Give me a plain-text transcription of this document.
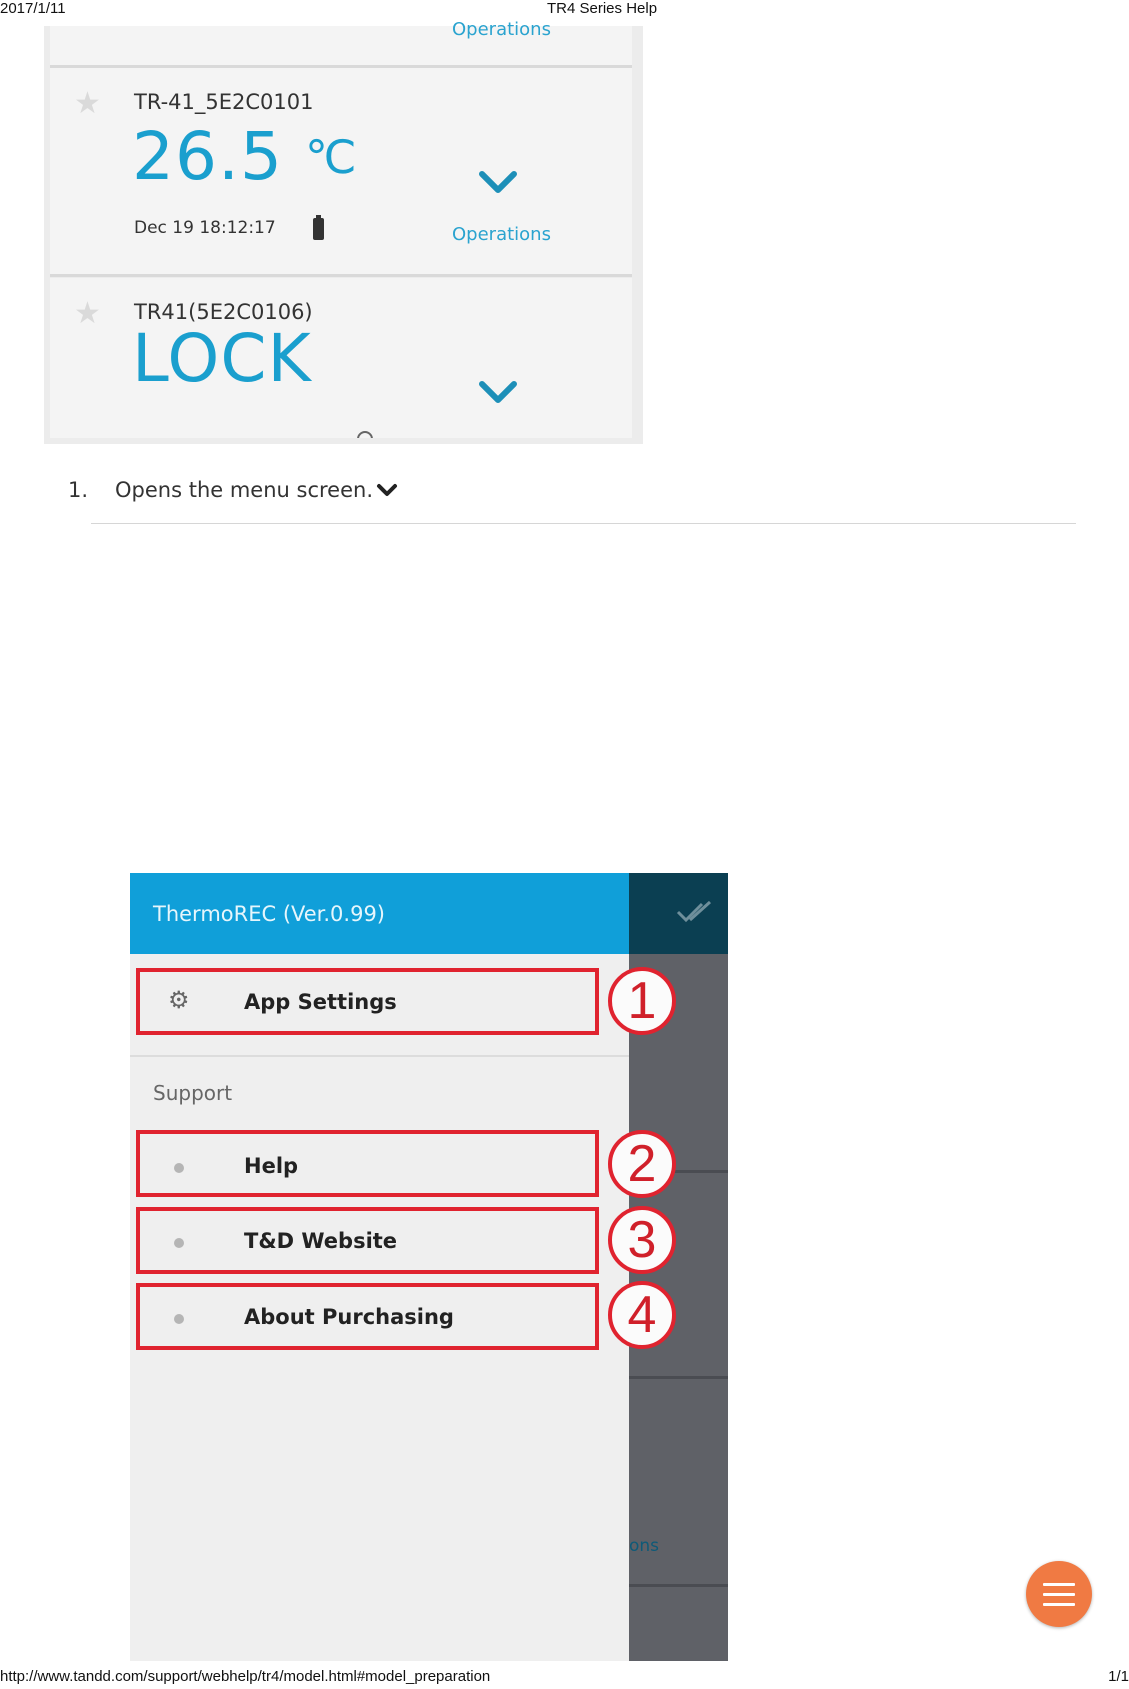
2017/1/11	TR4 Series Help
Operations
★ TR-41_5E2C0101
26.5 ℃
Dec 19 18:12:17	Operations
★ TR41(5E2C0106)
LOCK
1. Opens the menu screen.
ons
ThermoREC (Ver.0.99)
⚙	App Settings
Support
Help
T&D Website
About Purchasing
1
2
3
4
http://www.tandd.com/support/webhelp/tr4/model.html#model_preparation	1/1
